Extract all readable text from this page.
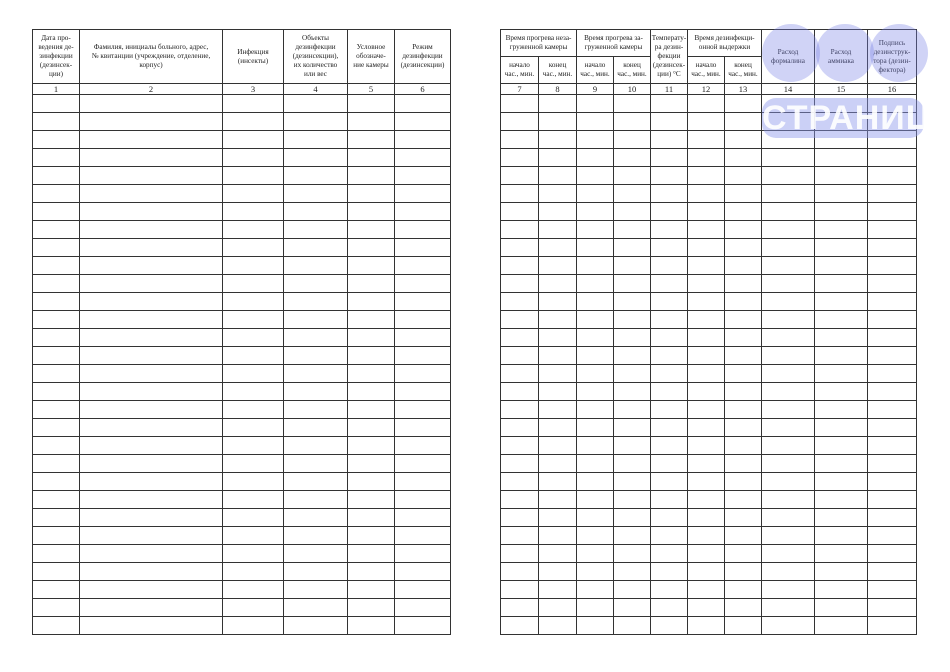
Дата про-
ведения де-
зинфекции
(дезинсек-
ции)	Фамилия, инициалы больного, адрес,
№ квитанции (учреждение, отделение,
корпус)	Инфекция
(инсекты)	Объекты
дезинфекции
(дезинсекции),
их количество
или вес	Условное
обозначе-
ние камеры	Режим
дезинфекции
(дезинсекции)
1	2	3	4	5	6

Время прогрева неза-
груженной камеры		Время прогрева за-
груженной камеры		Температу-
ра дезин-
фекции
(дезинсек-
ции) °С	Время дезинфекци-
онной выдержки		Расход
формалина	Расход
аммиака	Подпись
дезинструк-
тора (дезин-
фектора)
начало
час., мин.	конец
час., мин.	начало
час., мин.	конец
час., мин.		начало
час., мин.	конец
час., мин.			
7	8	9	10	11	12	13	14	15	16

СТРАНИЦ
